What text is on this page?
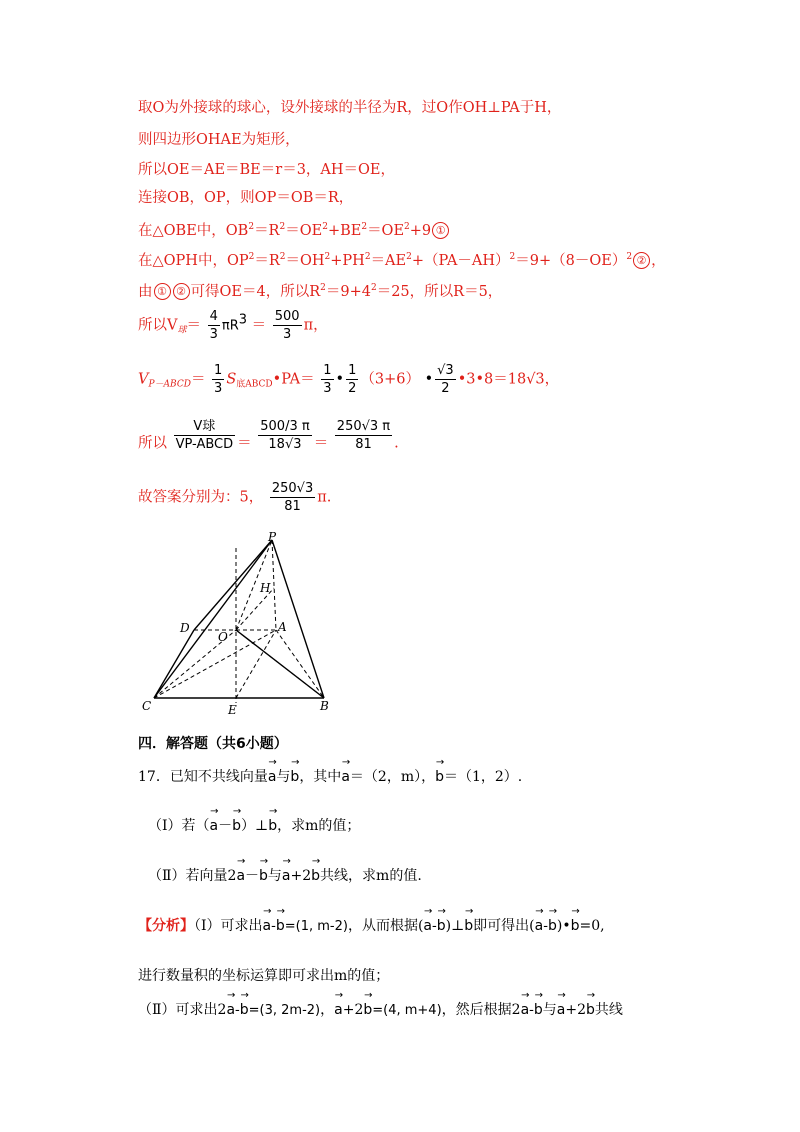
取O为外接球的球心，设外接球的半径为R，过O作OH⊥PA于H，
则四边形OHAE为矩形，
所以OE＝AE＝BE＝r＝3，AH＝OE，
连接OB，OP，则OP＝OB＝R，
在△OBE中，$OB^2=R^2=OE^2+BE^2=OE^2+9$ ①
在△OPH中，$OP^2=R^2=OH^2+PH^2=AE^2+(PA-AH)^2=9+(8-OE)^2$ ② ，
由 ① ② 可得OE＝4，所以$R^2=9+4^2=25$，所以R＝5，
所以$V_球= \frac{4}{3} \pi R3 = \frac{500}{3}$ π，
$V_{P-ABCD}= \frac{1}{3}$ $S_{底ABCD}•PA= \frac{1}{3}$ • $\frac{1}{2} (3+6)$ • $\frac{√3}{2}$ •3•8＝18√3，
所以 $\frac{\text{V球}}{\text{VP-ABCD}} = \frac{500/3 \pi}{18√3} = \frac{250√3 \pi}{81}$ .
故答案分别为：5， $\frac{250√3}{81} \pi$.
P
H
D
O
A
C	E	B
四．解答题（共6小题）
17．已知不共线向量→ a与→ b，其中→ a＝（2，m），→ b＝（1，2）.
（Ⅰ）若（→ a－→ b）⊥→ b，求m的值；
（Ⅱ）若向量2→ a－→ b与→ a+2→ b共线，求m的值.
【分析】（Ⅰ）可求出→ a-→ b=(1, m-2)，从而根据(→ a-→ b)⊥→ b即可得出(→ a-→ b)•→ b=0,
进行数量积的坐标运算即可求出m的值；
（Ⅱ）可求出2→ a-→ b=(3, 2m-2)，→ a+2→ b=(4, m+4)，然后根据2→ a-→ b与→ a+2→ b共线
